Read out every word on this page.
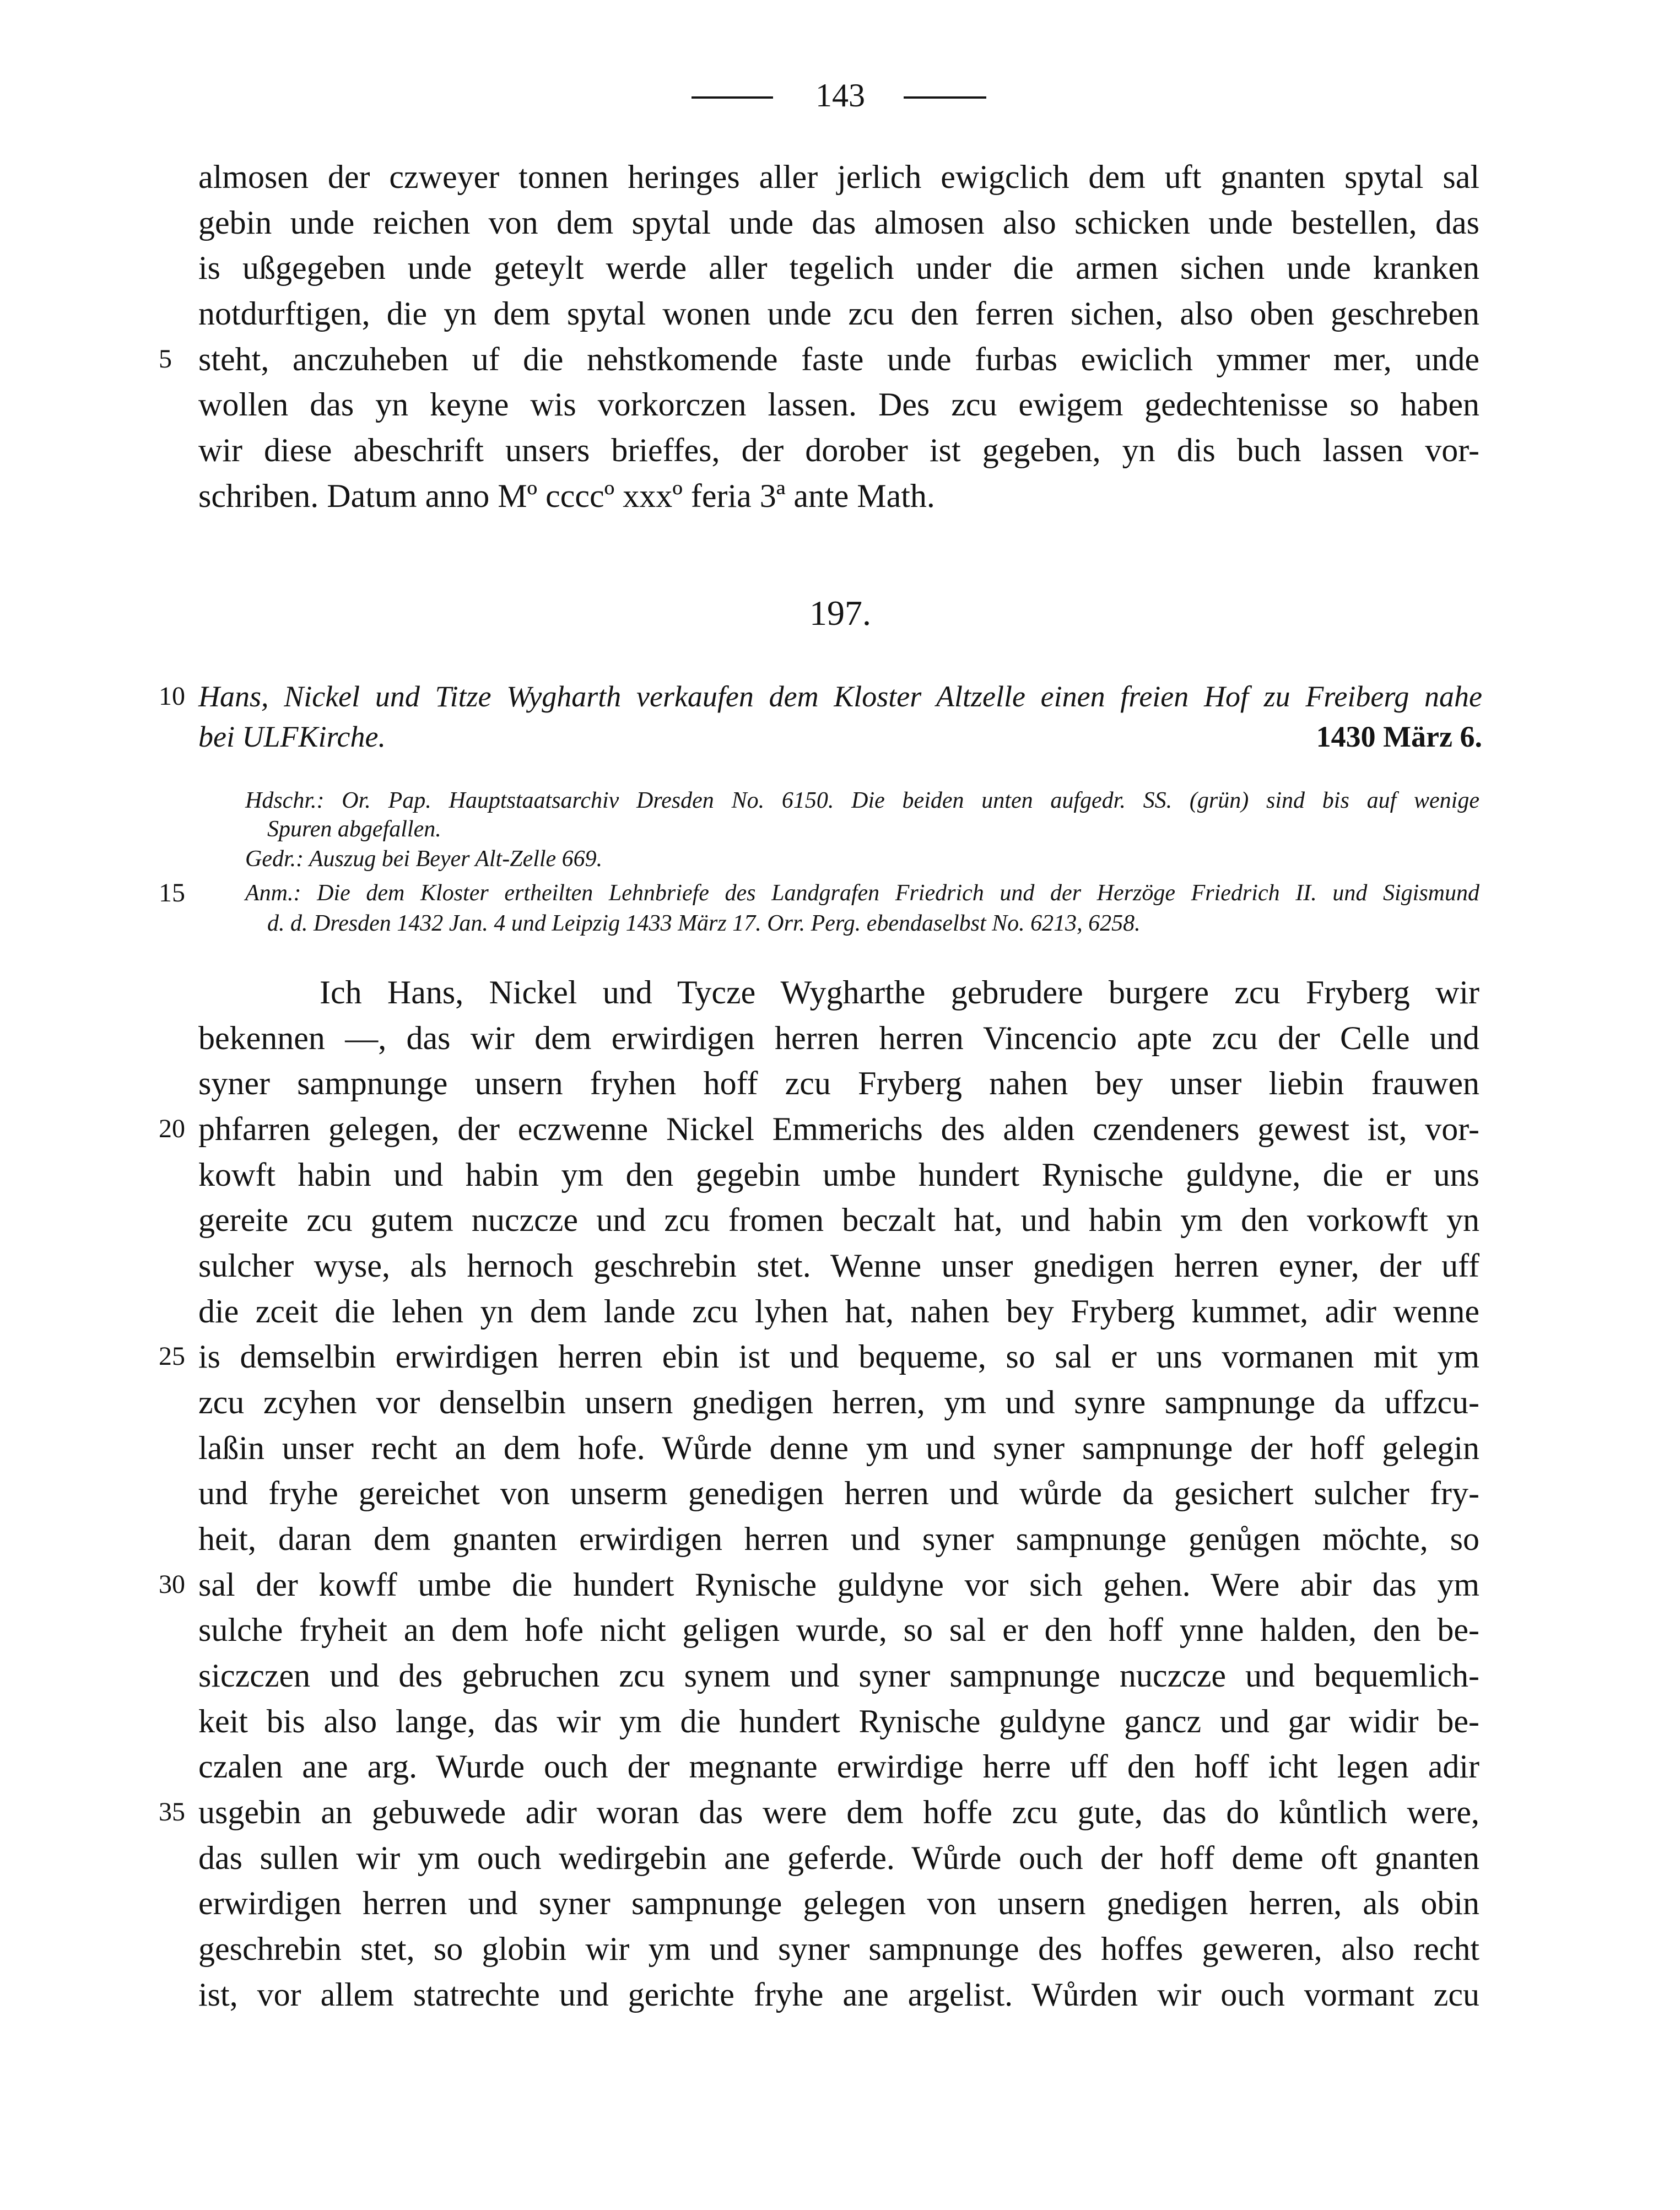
143
almosen der czweyer tonnen heringes aller jerlich ewigclich dem uft gnanten spytal sal
gebin unde reichen von dem spytal unde das almosen also schicken unde bestellen, das
is ußgegeben unde geteylt werde aller tegelich under die armen sichen unde kranken
notdurftigen, die yn dem spytal wonen unde zcu den ferren sichen, also oben geschreben
5 steht, anczuheben uf die nehstkomende faste unde furbas ewiclich ymmer mer, unde
wollen das yn keyne wis vorkorczen lassen. Des zcu ewigem gedechtenisse so haben
wir diese abeschrift unsers brieffes, der dorober ist gegeben, yn dis buch lassen vor-
schriben. Datum anno Mº ccccº xxxº feria 3ª ante Math.
197.
10 Hans, Nickel und Titze Wygharth verkaufen dem Kloster Altzelle einen freien Hof zu Freiberg nahe
bei ULFKirche.	1430 März 6.
Hdschr.: Or. Pap. Hauptstaatsarchiv Dresden No. 6150. Die beiden unten aufgedr. SS. (grün) sind bis auf wenige
Spuren abgefallen.
Gedr.: Auszug bei Beyer Alt-Zelle 669.
15	Anm.: Die dem Kloster ertheilten Lehnbriefe des Landgrafen Friedrich und der Herzöge Friedrich II. und Sigismund
d. d. Dresden 1432 Jan. 4 und Leipzig 1433 März 17. Orr. Perg. ebendaselbst No. 6213, 6258.
Ich Hans, Nickel und Tycze Wygharthe gebrudere burgere zcu Fryberg wir
bekennen —, das wir dem erwirdigen herren herren Vincencio apte zcu der Celle und
syner sampnunge unsern fryhen hoff zcu Fryberg nahen bey unser liebin frauwen
20 phfarren gelegen, der eczwenne Nickel Emmerichs des alden czendeners gewest ist, vor-
kowft habin und habin ym den gegebin umbe hundert Rynische guldyne, die er uns
gereite zcu gutem nuczcze und zcu fromen beczalt hat, und habin ym den vorkowft yn
sulcher wyse, als hernoch geschrebin stet. Wenne unser gnedigen herren eyner, der uff
die zceit die lehen yn dem lande zcu lyhen hat, nahen bey Fryberg kummet, adir wenne
25 is demselbin erwirdigen herren ebin ist und bequeme, so sal er uns vormanen mit ym
zcu zcyhen vor denselbin unsern gnedigen herren, ym und synre sampnunge da uffzcu-
laßin unser recht an dem hofe. Wůrde denne ym und syner sampnunge der hoff gelegin
und fryhe gereichet von unserm genedigen herren und wůrde da gesichert sulcher fry-
heit, daran dem gnanten erwirdigen herren und syner sampnunge genůgen möchte, so
30 sal der kowff umbe die hundert Rynische guldyne vor sich gehen. Were abir das ym
sulche fryheit an dem hofe nicht geligen wurde, so sal er den hoff ynne halden, den be-
siczczen und des gebruchen zcu synem und syner sampnunge nuczcze und bequemlich-
keit bis also lange, das wir ym die hundert Rynische guldyne gancz und gar widir be-
czalen ane arg. Wurde ouch der megnante erwirdige herre uff den hoff icht legen adir
35 usgebin an gebuwede adir woran das were dem hoffe zcu gute, das do kůntlich were,
das sullen wir ym ouch wedirgebin ane geferde. Wůrde ouch der hoff deme oft gnanten
erwirdigen herren und syner sampnunge gelegen von unsern gnedigen herren, als obin
geschrebin stet, so globin wir ym und syner sampnunge des hoffes geweren, also recht
ist, vor allem statrechte und gerichte fryhe ane argelist. Wůrden wir ouch vormant zcu
